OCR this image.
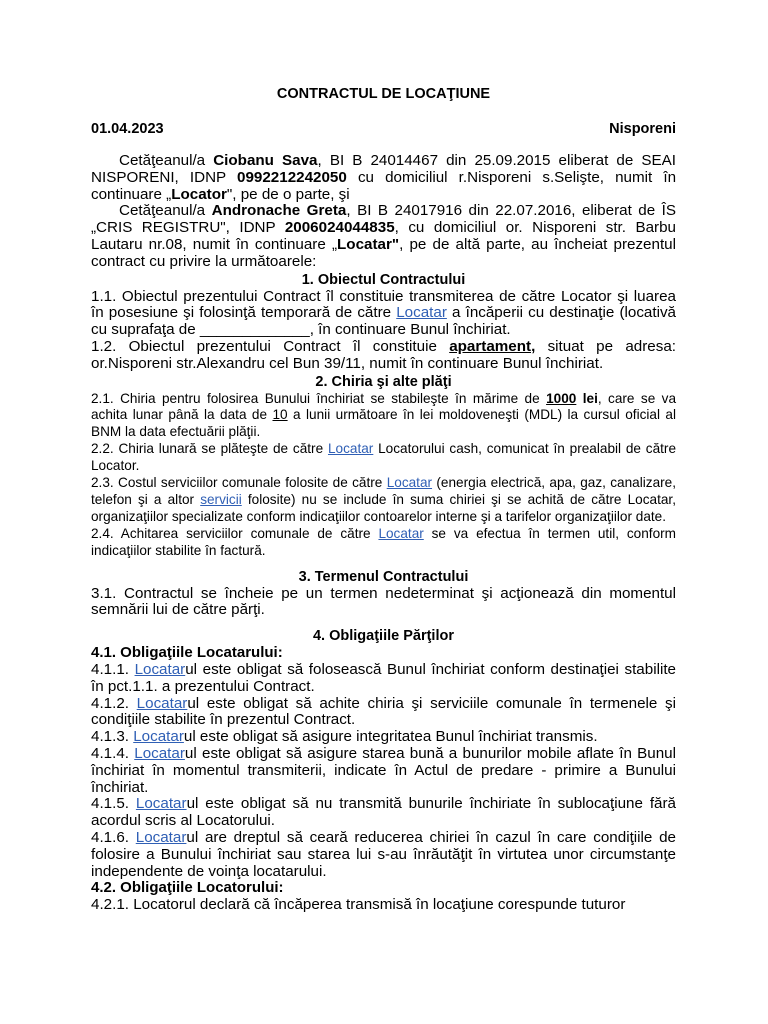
CONTRACTUL DE LOCAŢIUNE
01.04.2023	Nisporeni

Cetăţeanul/a Ciobanu Sava, BI B 24014467 din 25.09.2015 eliberat de SEAI NISPORENI, IDNP 0992212242050 cu domiciliul r.Nisporeni s.Selişte, numit în continuare „Locator", pe de o parte, şi

Cetăţeanul/a Andronache Greta, BI B 24017916 din 22.07.2016, eliberat de ÎS „CRIS REGISTRU", IDNP 2006024044835, cu domiciliul or. Nisporeni str. Barbu Lautaru nr.08, numit în continuare „Locatar", pe de altă parte, au încheiat prezentul contract cu privire la următoarele:

1. Obiectul Contractului

1.1. Obiectul prezentului Contract îl constituie transmiterea de către Locator şi luarea în posesiune şi folosinţă temporară de către Locatar a încăperii cu destinaţie (locativă cu suprafaţa de _____________, în continuare Bunul închiriat.

1.2. Obiectul prezentului Contract îl constituie apartament, situat pe adresa: or.Nisporeni str.Alexandru cel Bun 39/11, numit în continuare Bunul închiriat.

2. Chiria şi alte plăţi

2.1. Chiria pentru folosirea Bunului închiriat se stabileşte în mărime de 1000 lei, care se va achita lunar până la data de 10 a lunii următoare în lei moldoveneşti (MDL) la cursul oficial al BNM la data efectuării plăţii.

2.2. Chiria lunară se plăteşte de către Locatar Locatorului cash, comunicat în prealabil de către Locator.

2.3. Costul serviciilor comunale folosite de către Locatar (energia electrică, apa, gaz, canalizare, telefon şi a altor servicii folosite) nu se include în suma chiriei şi se achită de către Locatar, organizaţiilor specializate conform indicaţiilor contoarelor interne şi a tarifelor organizaţiilor date.

2.4. Achitarea serviciilor comunale de către Locatar se va efectua în termen util, conform indicaţiilor stabilite în factură.

3. Termenul Contractului

3.1. Contractul se încheie pe un termen nedeterminat şi acţionează din momentul semnării lui de către părţi.

4. Obligaţiile Părţilor
4.1. Obligaţiile Locatarului:

4.1.1. Locatarul este obligat să folosească Bunul închiriat conform destinaţiei stabilite în pct.1.1. a prezentului Contract.

4.1.2. Locatarul este obligat să achite chiria şi serviciile comunale în termenele şi condiţiile stabilite în prezentul Contract.

4.1.3. Locatarul este obligat să asigure integritatea Bunul închiriat transmis.

4.1.4. Locatarul este obligat să asigure starea bună a bunurilor mobile aflate în Bunul închiriat în momentul transmiterii, indicate în Actul de predare - primire a Bunului închiriat.

4.1.5. Locatarul este obligat să nu transmită bunurile închiriate în sublocaţiune fără acordul scris al Locatorului.

4.1.6. Locatarul are dreptul să ceară reducerea chiriei în cazul în care condiţiile de folosire a Bunului închiriat sau starea lui s-au înrăutăţit în virtutea unor circumstanţe independente de voinţa locatarului.

4.2. Obligaţiile Locatorului:

4.2.1. Locatorul declară că încăperea transmisă în locaţiune corespunde tuturor
